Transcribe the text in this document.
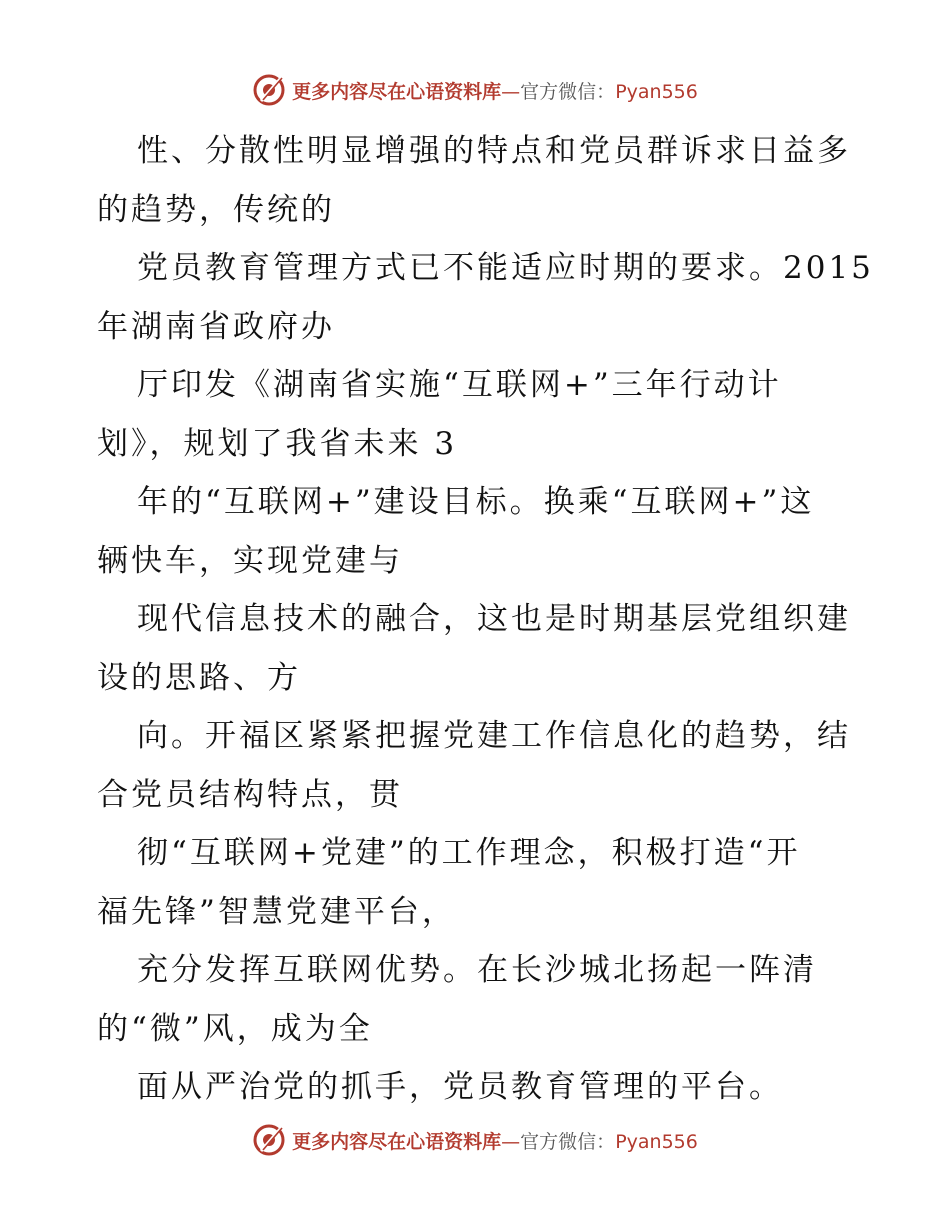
更多内容尽在心语资料库 — 官方微信： Pyan556
性、分散性明显增强的特点和党员群诉求日益多
的趋势，传统的
党员教育管理方式已不能适应时期的要求。2015
年湖南省政府办
厅印发《湖南省实施“互联网+”三年行动计
划》，规划了我省未来 3
年的“互联网+”建设目标。换乘“互联网+”这
辆快车，实现党建与
现代信息技术的融合，这也是时期基层党组织建
设的思路、方
向。开福区紧紧把握党建工作信息化的趋势，结
合党员结构特点，贯
彻“互联网+党建”的工作理念，积极打造“开
福先锋”智慧党建平台，
充分发挥互联网优势。在长沙城北扬起一阵清
的“微”风，成为全
面从严治党的抓手，党员教育管理的平台。
更多内容尽在心语资料库 — 官方微信： Pyan556
